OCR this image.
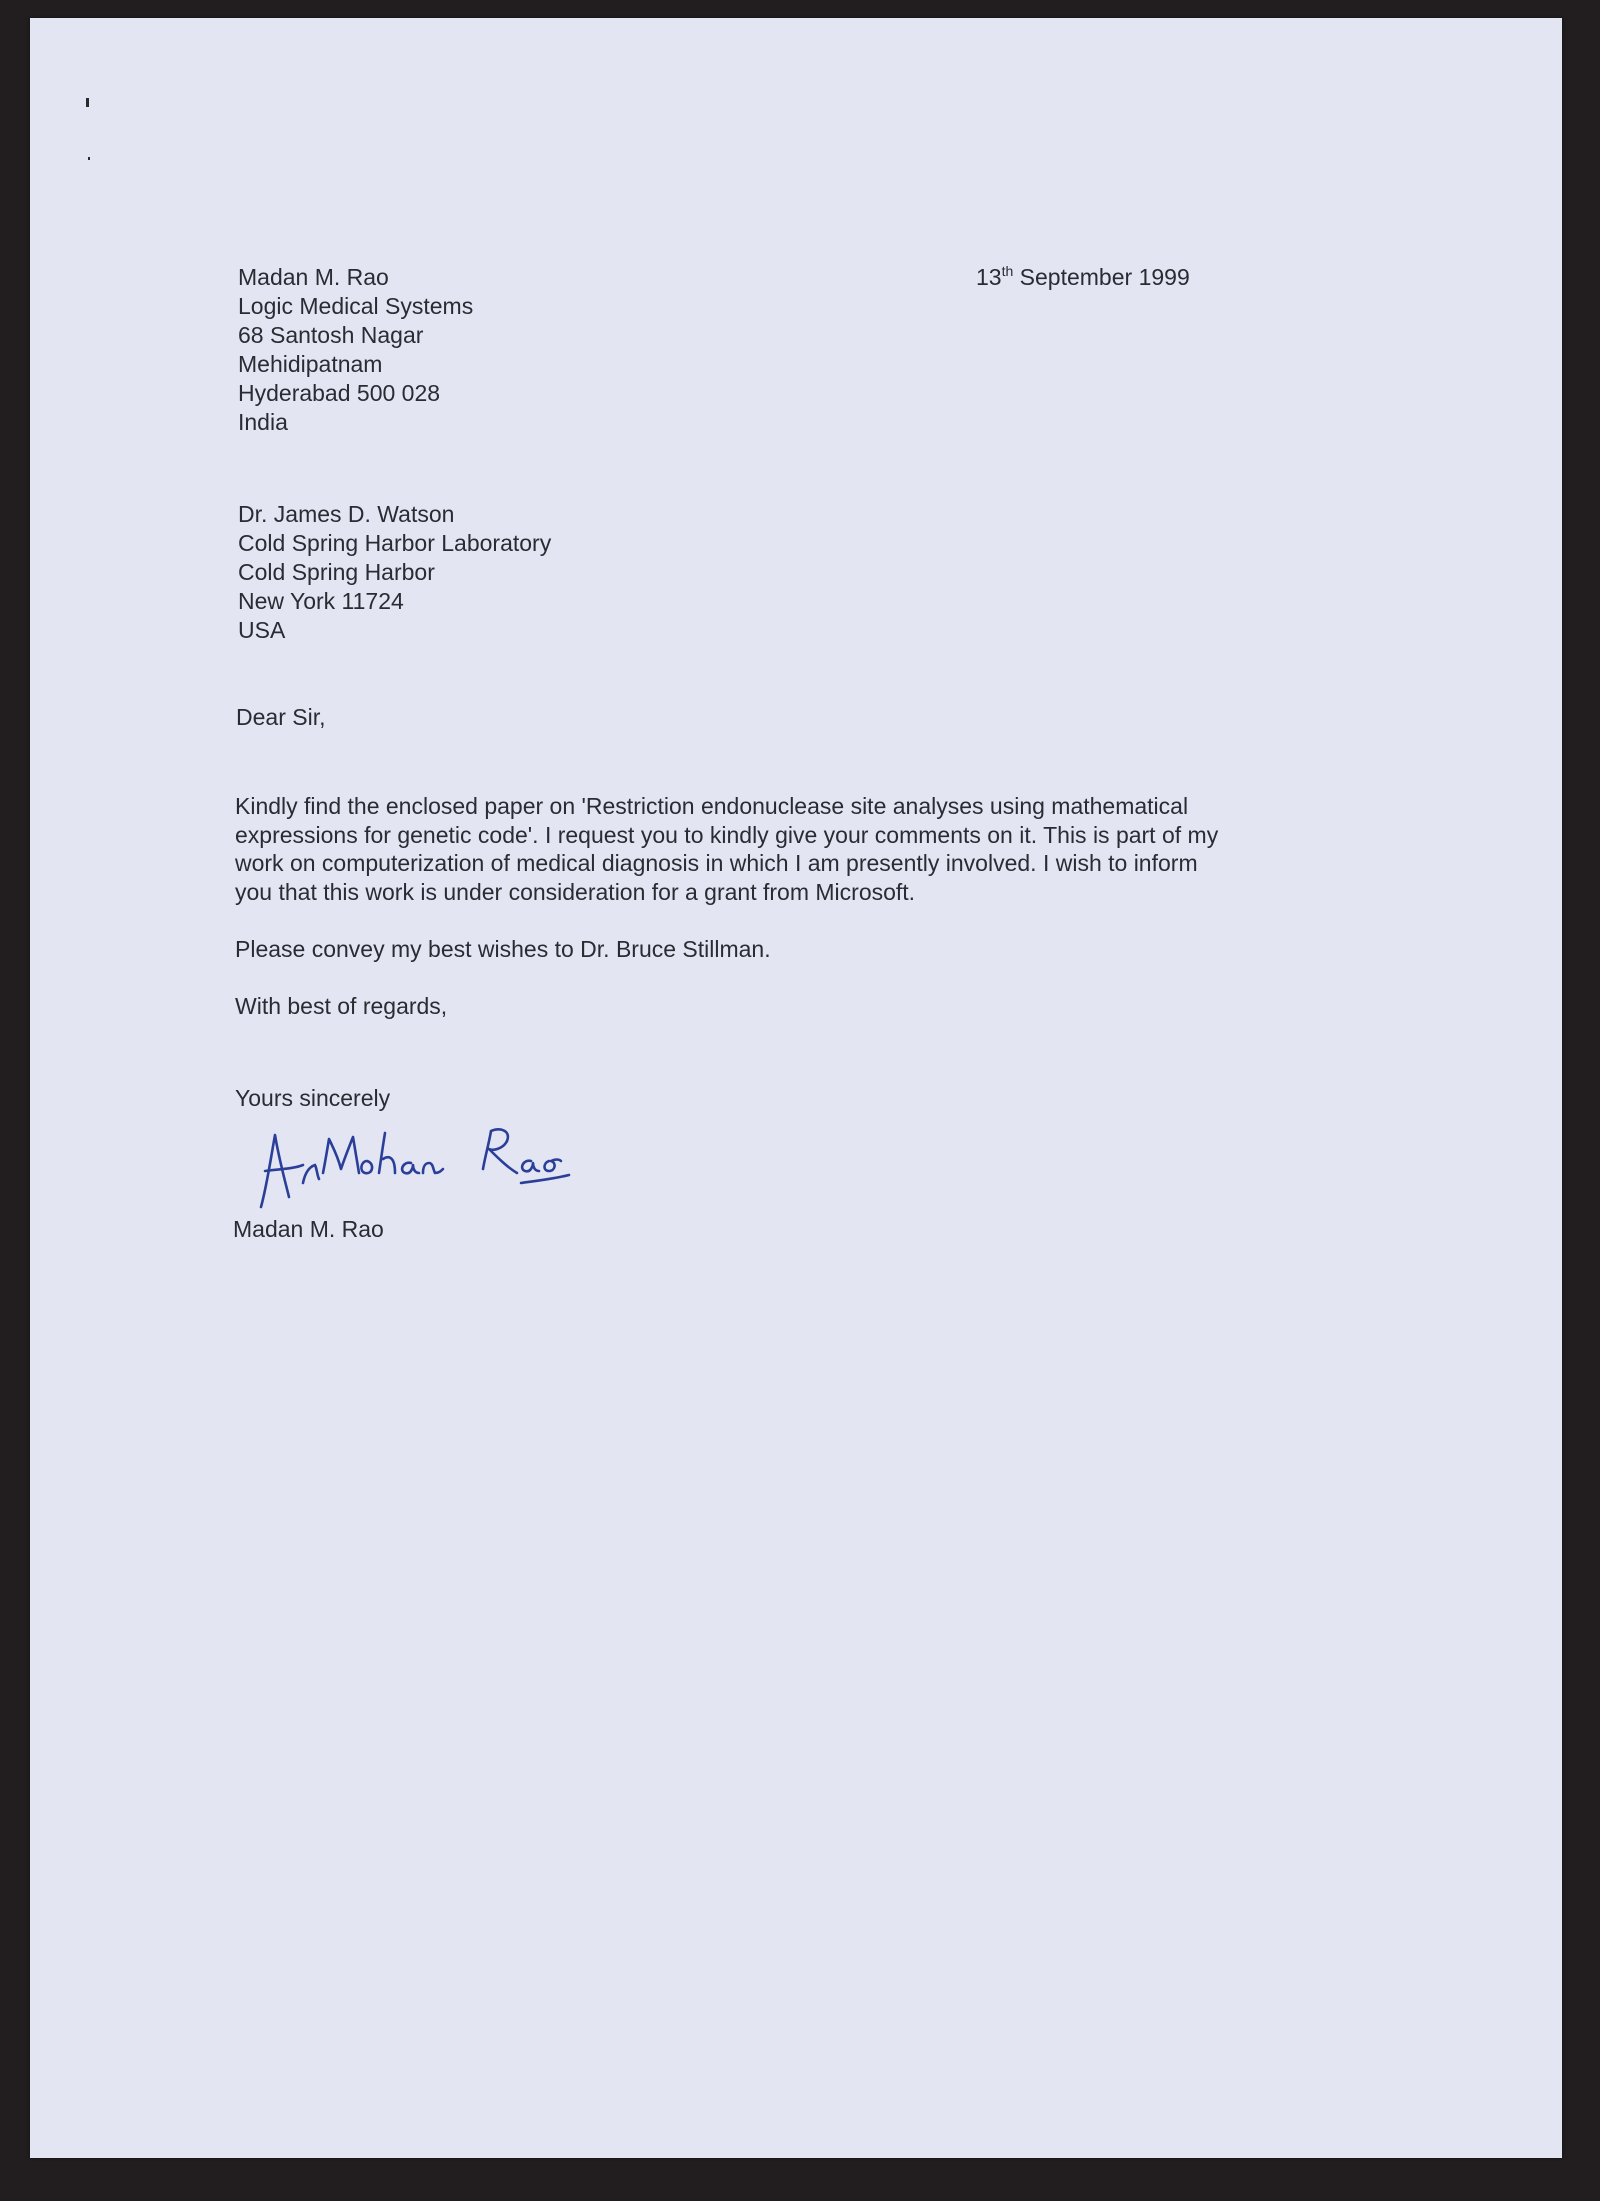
Madan M. Rao
Logic Medical Systems
68 Santosh Nagar
Mehidipatnam
Hyderabad 500 028
India
13th September 1999
Dr. James D. Watson
Cold Spring Harbor Laboratory
Cold Spring Harbor
New York 11724
USA

Dear Sir,

Kindly find the enclosed paper on 'Restriction endonuclease site analyses using mathematical
expressions for genetic code'. I request you to kindly give your comments on it. This is part of my
work on computerization of medical diagnosis in which I am presently involved. I wish to inform
you that this work is under consideration for a grant from Microsoft.

Please convey my best wishes to Dr. Bruce Stillman.

With best of regards,

Yours sincerely

Madan M. Rao
